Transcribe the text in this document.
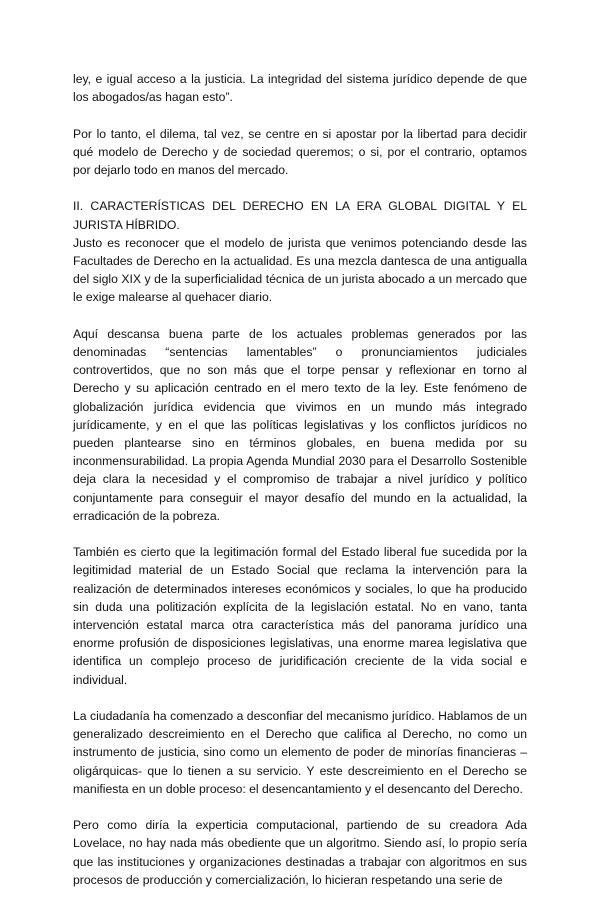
ley, e igual acceso a la justicia. La integridad del sistema jurídico depende de que los abogados/as hagan esto”.

Por lo tanto, el dilema, tal vez, se centre en si apostar por la libertad para decidir qué modelo de Derecho y de sociedad queremos; o si, por el contrario, optamos por dejarlo todo en manos del mercado.

II. CARACTERÍSTICAS DEL DERECHO EN LA ERA GLOBAL DIGITAL Y EL JURISTA HÍBRIDO.

Justo es reconocer que el modelo de jurista que venimos potenciando desde las Facultades de Derecho en la actualidad. Es una mezcla dantesca de una antigualla del siglo XIX y de la superficialidad técnica de un jurista abocado a un mercado que le exige malearse al quehacer diario.

Aquí descansa buena parte de los actuales problemas generados por las denominadas “sentencias lamentables” o pronunciamientos judiciales controvertidos, que no son más que el torpe pensar y reflexionar en torno al Derecho y su aplicación centrado en el mero texto de la ley. Este fenómeno de globalización jurídica evidencia que vivimos en un mundo más integrado jurídicamente, y en el que las políticas legislativas y los conflictos jurídicos no pueden plantearse sino en términos globales, en buena medida por su inconmensurabilidad. La propia Agenda Mundial 2030 para el Desarrollo Sostenible deja clara la necesidad y el compromiso de trabajar a nivel jurídico y político conjuntamente para conseguir el mayor desafío del mundo en la actualidad, la erradicación de la pobreza.

También es cierto que la legitimación formal del Estado liberal fue sucedida por la legitimidad material de un Estado Social que reclama la intervención para la realización de determinados intereses económicos y sociales, lo que ha producido sin duda una politización explícita de la legislación estatal. No en vano, tanta intervención estatal marca otra característica más del panorama jurídico una enorme profusión de disposiciones legislativas, una enorme marea legislativa que identifica un complejo proceso de juridificación creciente de la vida social e individual.

La ciudadanía ha comenzado a desconfiar del mecanismo jurídico. Hablamos de un generalizado descreimiento en el Derecho que califica al Derecho, no como un instrumento de justicia, sino como un elemento de poder de minorías financieras –oligárquicas- que lo tienen a su servicio. Y este descreimiento en el Derecho se manifiesta en un doble proceso: el desencantamiento y el desencanto del Derecho.

Pero como diría la experticia computacional, partiendo de su creadora Ada Lovelace, no hay nada más obediente que un algoritmo. Siendo así, lo propio sería que las instituciones y organizaciones destinadas a trabajar con algoritmos en sus procesos de producción y comercialización, lo hicieran respetando una serie de
